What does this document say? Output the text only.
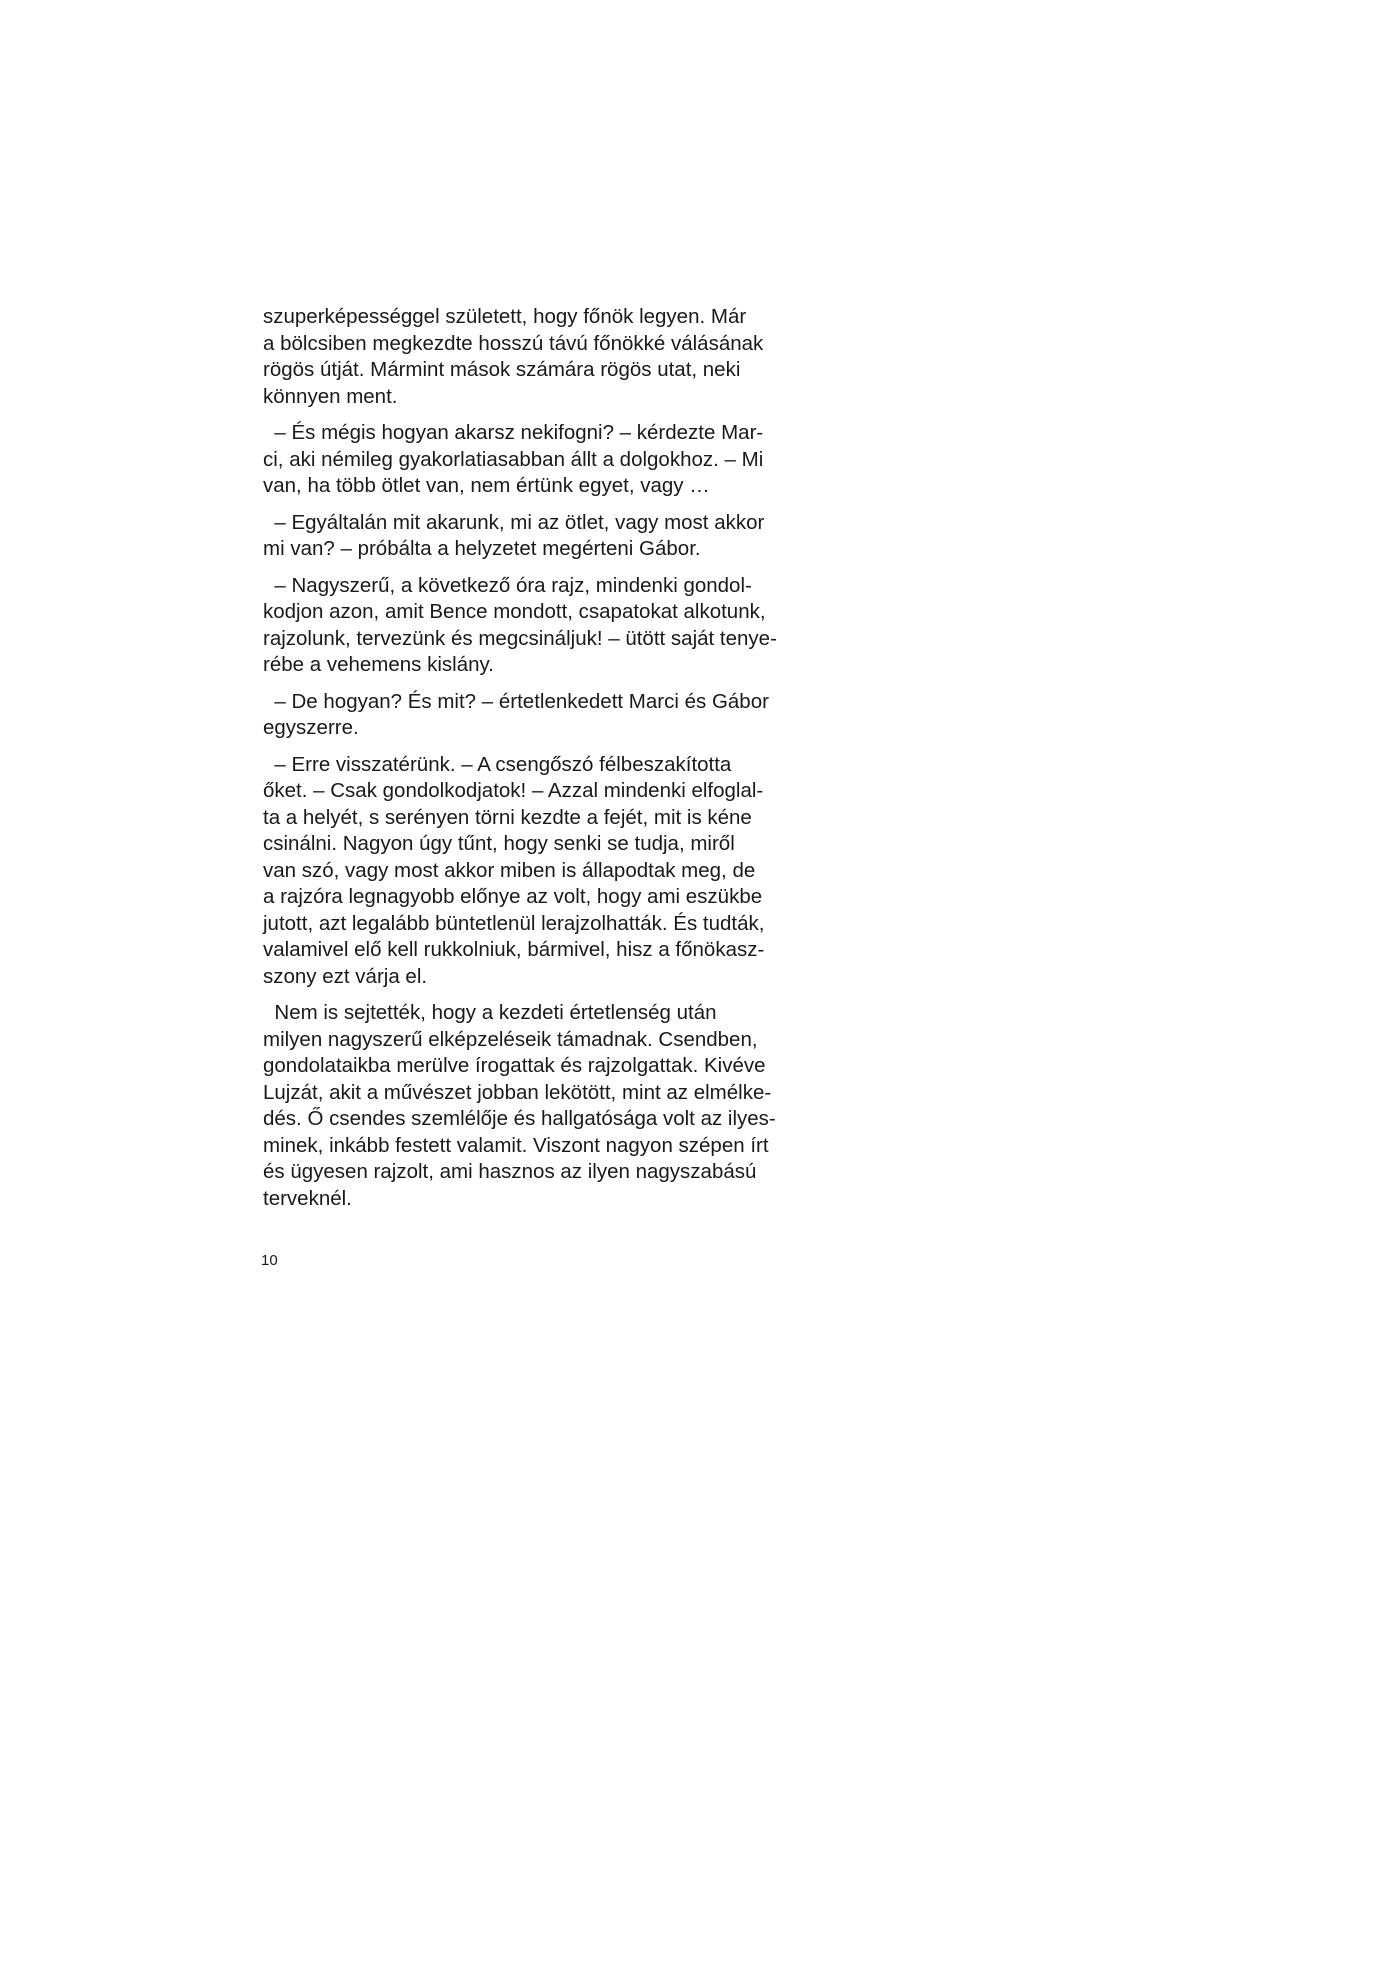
szuperképességgel született, hogy főnök legyen. Már
a bölcsiben megkezdte hosszú távú főnökké válásának
rögös útját. Mármint mások számára rögös utat, neki
könnyen ment.

– És mégis hogyan akarsz nekifogni? – kérdezte Mar-
ci, aki némileg gyakorlatiasabban állt a dolgokhoz. – Mi
van, ha több ötlet van, nem értünk egyet, vagy …

– Egyáltalán mit akarunk, mi az ötlet, vagy most akkor
mi van? – próbálta a helyzetet megérteni Gábor.

– Nagyszerű, a következő óra rajz, mindenki gondol-
kodjon azon, amit Bence mondott, csapatokat alkotunk,
rajzolunk, tervezünk és megcsináljuk! – ütött saját tenye-
rébe a vehemens kislány.

– De hogyan? És mit? – értetlenkedett Marci és Gábor
egyszerre.

– Erre visszatérünk. – A csengőszó félbeszakította
őket. – Csak gondolkodjatok! – Azzal mindenki elfoglal-
ta a helyét, s serényen törni kezdte a fejét, mit is kéne
csinálni. Nagyon úgy tűnt, hogy senki se tudja, miről
van szó, vagy most akkor miben is állapodtak meg, de
a rajzóra legnagyobb előnye az volt, hogy ami eszükbe
jutott, azt legalább büntetlenül lerajzolhatták. És tudták,
valamivel elő kell rukkolniuk, bármivel, hisz a főnökasz-
szony ezt várja el.

Nem is sejtették, hogy a kezdeti értetlenség után
milyen nagyszerű elképzeléseik támadnak. Csendben,
gondolataikba merülve írogattak és rajzolgattak. Kivéve
Lujzát, akit a művészet jobban lekötött, mint az elmélke-
dés. Ő csendes szemlélője és hallgatósága volt az ilyes-
minek, inkább festett valamit. Viszont nagyon szépen írt
és ügyesen rajzolt, ami hasznos az ilyen nagyszabású
terveknél.

10
